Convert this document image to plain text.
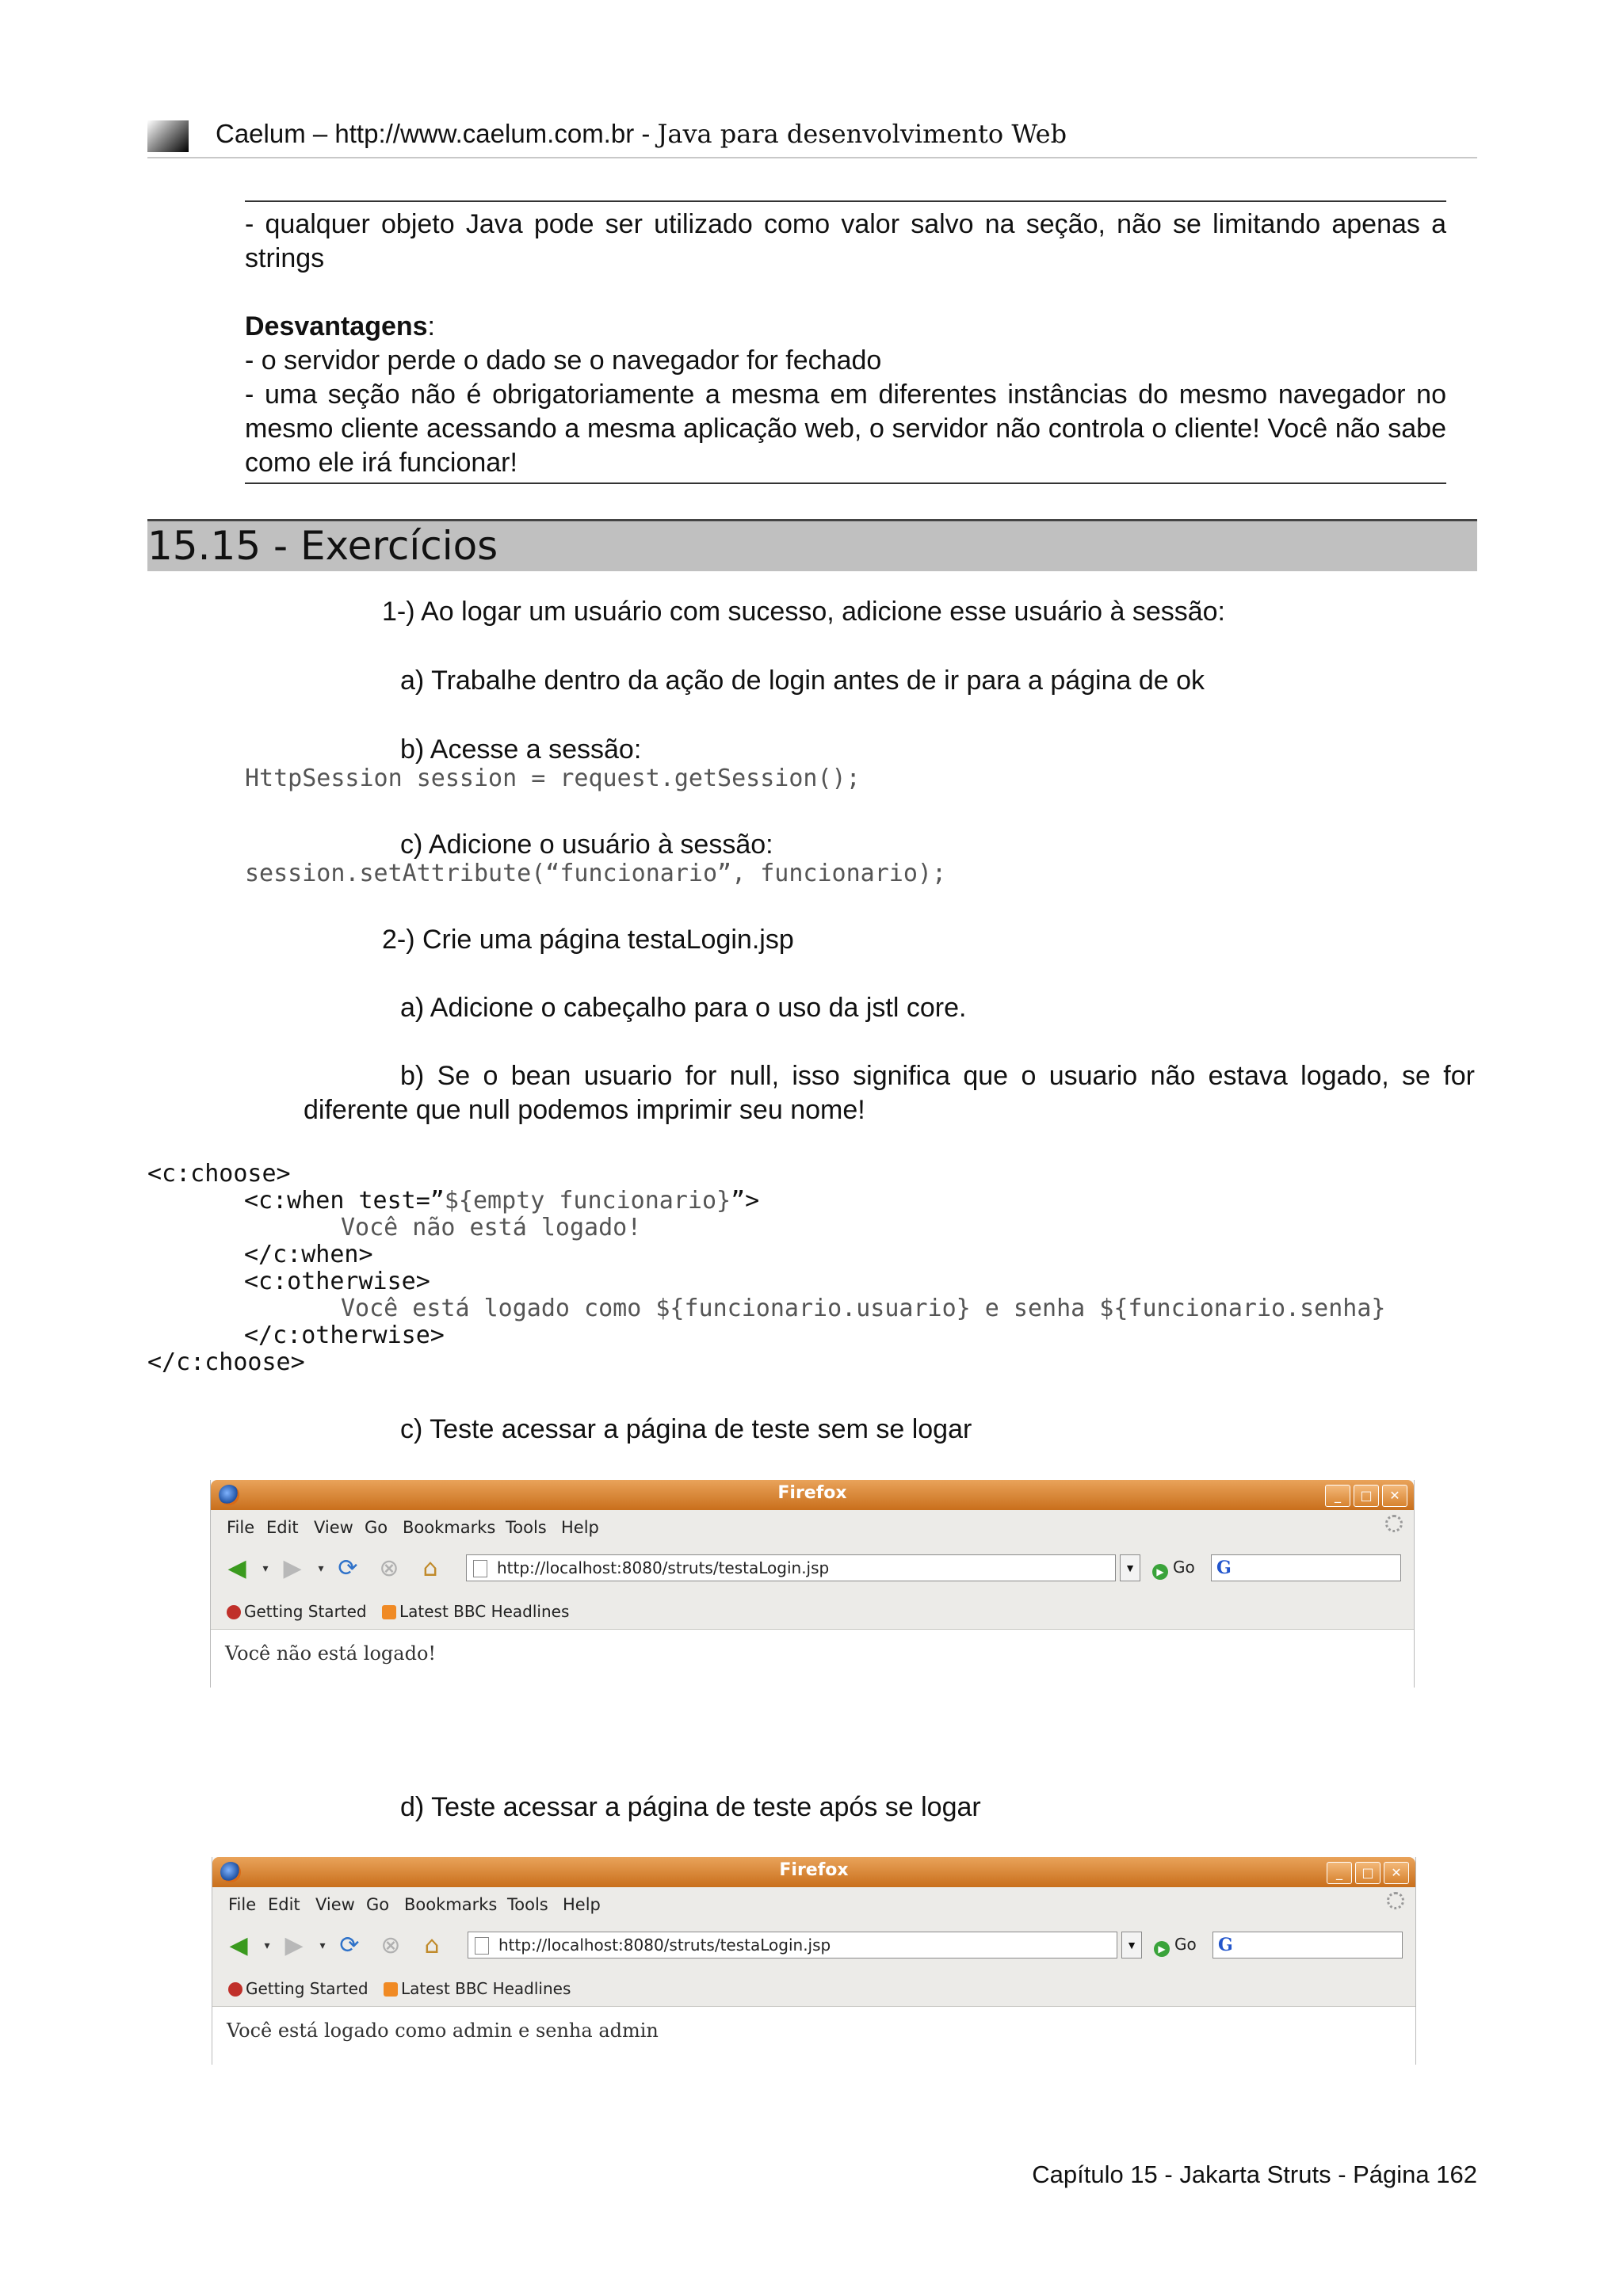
Caelum – http://www.caelum.com.br - Java para desenvolvimento Web
- qualquer objeto Java pode ser utilizado como valor salvo na seção, não se limitando apenas a strings
Desvantagens:
- o servidor perde o dado se o navegador for fechado
- uma seção não é obrigatoriamente a mesma em diferentes instâncias do mesmo navegador no mesmo cliente acessando a mesma aplicação web, o servidor não controla o cliente! Você não sabe como ele irá funcionar!
15.15 - Exercícios
1-) Ao logar um usuário com sucesso, adicione esse usuário à sessão:
a) Trabalhe dentro da ação de login antes de ir para a página de ok
b) Acesse a sessão:
HttpSession session = request.getSession();
c) Adicione o usuário à sessão:
session.setAttribute(“funcionario”, funcionario);
2-) Crie uma página testaLogin.jsp
a) Adicione o cabeçalho para o uso da jstl core.
b) Se o bean usuario for null, isso significa que o usuario não estava logado, se for diferente que null podemos imprimir seu nome!
<c:choose>
<c:when test=”${empty funcionario}”>
Você não está logado!
</c:when>
<c:otherwise>
Você está logado como ${funcionario.usuario} e senha ${funcionario.senha}
</c:otherwise>
</c:choose>
c) Teste acessar a página de teste sem se logar
Firefox	_	□	✕
File Edit View Go Bookmarks Tools Help
◀	▾ ▶	▾ ⟳ ⊗ ⌂	http://localhost:8080/struts/testaLogin.jsp	▼	▶ Go G
Getting Started	Latest BBC Headlines
Você não está logado!
d) Teste acessar a página de teste após se logar
Firefox	_	□	✕
File Edit View Go Bookmarks Tools Help
◀	▾ ▶	▾ ⟳ ⊗ ⌂	http://localhost:8080/struts/testaLogin.jsp	▼	▶ Go G
Getting Started	Latest BBC Headlines
Você está logado como admin e senha admin
Capítulo 15 - Jakarta Struts - Página 162
